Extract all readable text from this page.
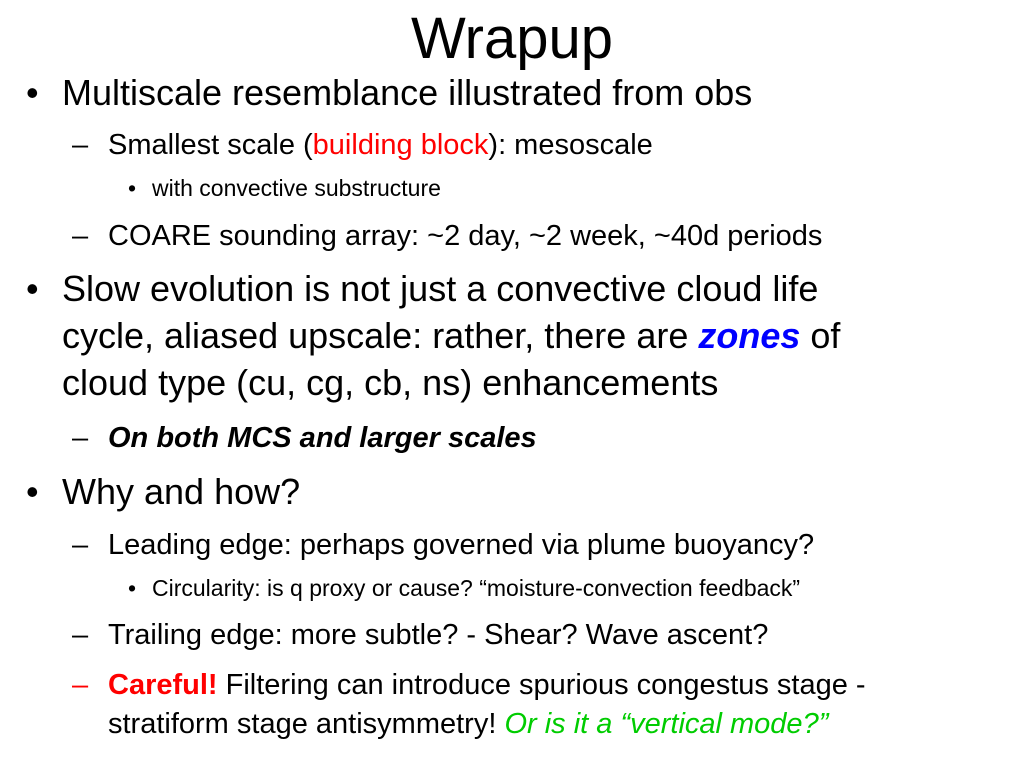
Wrapup
• Multiscale resemblance illustrated from obs
– Smallest scale (building block): mesoscale
• with convective substructure
– COARE sounding array: ~2 day, ~2 week, ~40d periods
• Slow evolution is not just a convective cloud life
cycle, aliased upscale: rather, there are zones of
cloud type (cu, cg, cb, ns) enhancements
– On both MCS and larger scales
• Why and how?
– Leading edge: perhaps governed via plume buoyancy?
• Circularity: is q proxy or cause? “moisture-convection feedback”
– Trailing edge: more subtle? - Shear? Wave ascent?
– Careful! Filtering can introduce spurious congestus stage -
stratiform stage antisymmetry! Or is it a “vertical mode?”
